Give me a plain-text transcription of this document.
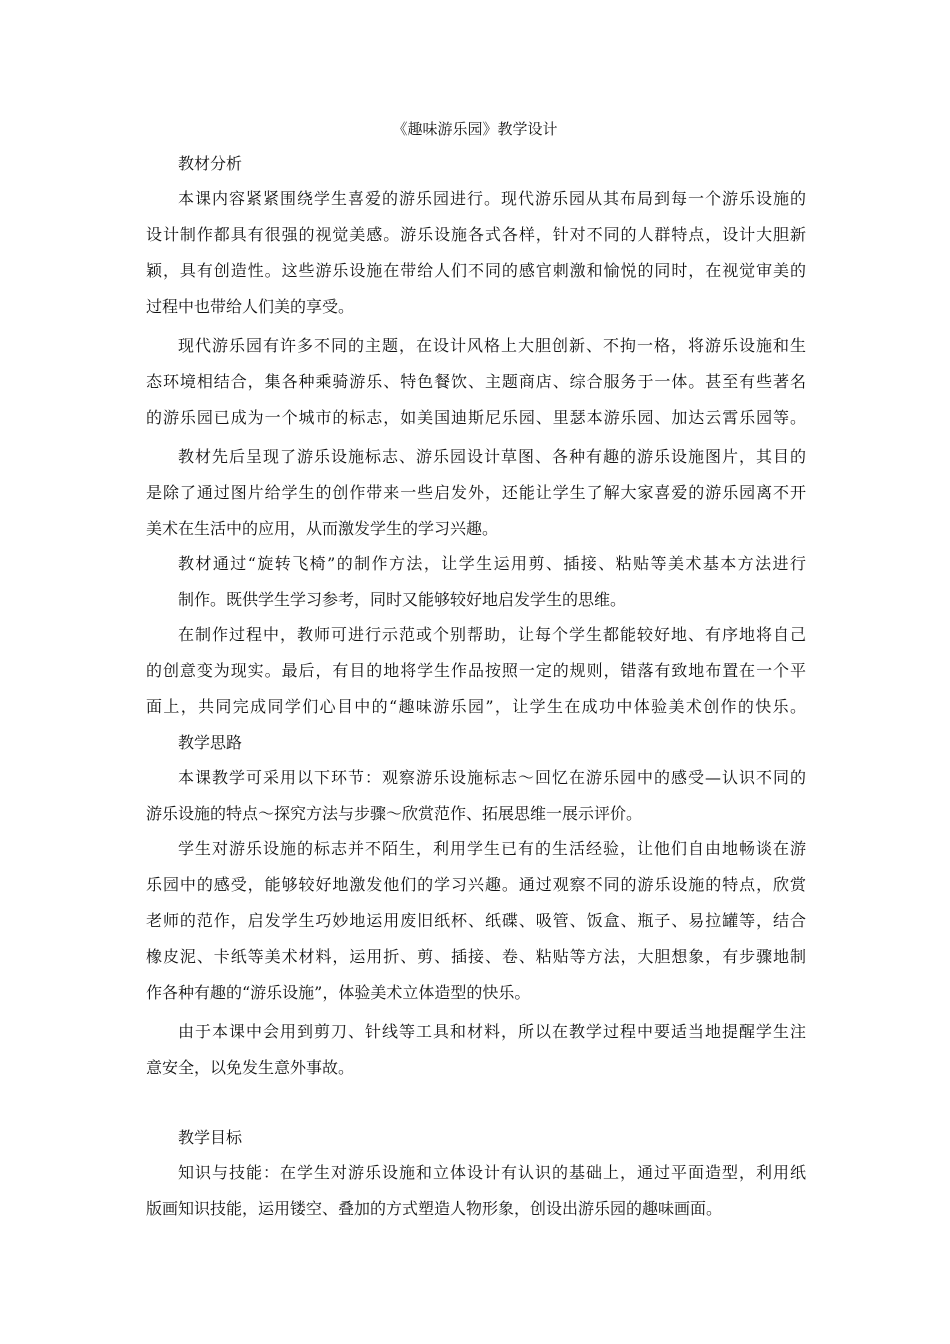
《趣味游乐园》教学设计
教材分析
本课内容紧紧围绕学生喜爱的游乐园进行。现代游乐园从其布局到每一个游乐设施的
设计制作都具有很强的视觉美感。游乐设施各式各样，针对不同的人群特点，设计大胆新
颖，具有创造性。这些游乐设施在带给人们不同的感官刺激和愉悦的同时，在视觉审美的
过程中也带给人们美的享受。
现代游乐园有许多不同的主题，在设计风格上大胆创新、不拘一格，将游乐设施和生
态环境相结合，集各种乘骑游乐、特色餐饮、主题商店、综合服务于一体。甚至有些著名
的游乐园已成为一个城市的标志，如美国迪斯尼乐园、里瑟本游乐园、加达云霄乐园等。
教材先后呈现了游乐设施标志、游乐园设计草图、各种有趣的游乐设施图片，其目的
是除了通过图片给学生的创作带来一些启发外，还能让学生了解大家喜爱的游乐园离不开
美术在生活中的应用，从而激发学生的学习兴趣。
教材通过“旋转飞椅”的制作方法，让学生运用剪、插接、粘贴等美术基本方法进行
制作。既供学生学习参考，同时又能够较好地启发学生的思维。
在制作过程中，教师可进行示范或个别帮助，让每个学生都能较好地、有序地将自己
的创意变为现实。最后，有目的地将学生作品按照一定的规则，错落有致地布置在一个平
面上，共同完成同学们心目中的“趣味游乐园”，让学生在成功中体验美术创作的快乐。
教学思路
本课教学可采用以下环节：观察游乐设施标志～回忆在游乐园中的感受—认识不同的
游乐设施的特点～探究方法与步骤～欣赏范作、拓展思维一展示评价。
学生对游乐设施的标志并不陌生，利用学生已有的生活经验，让他们自由地畅谈在游
乐园中的感受，能够较好地激发他们的学习兴趣。通过观察不同的游乐设施的特点，欣赏
老师的范作，启发学生巧妙地运用废旧纸杯、纸碟、吸管、饭盒、瓶子、易拉罐等，结合
橡皮泥、卡纸等美术材料，运用折、剪、插接、卷、粘贴等方法，大胆想象，有步骤地制
作各种有趣的“游乐设施”，体验美术立体造型的快乐。
由于本课中会用到剪刀、针线等工具和材料，所以在教学过程中要适当地提醒学生注
意安全，以免发生意外事故。
教学目标
知识与技能：在学生对游乐设施和立体设计有认识的基础上，通过平面造型，利用纸
版画知识技能，运用镂空、叠加的方式塑造人物形象，创设出游乐园的趣味画面。
